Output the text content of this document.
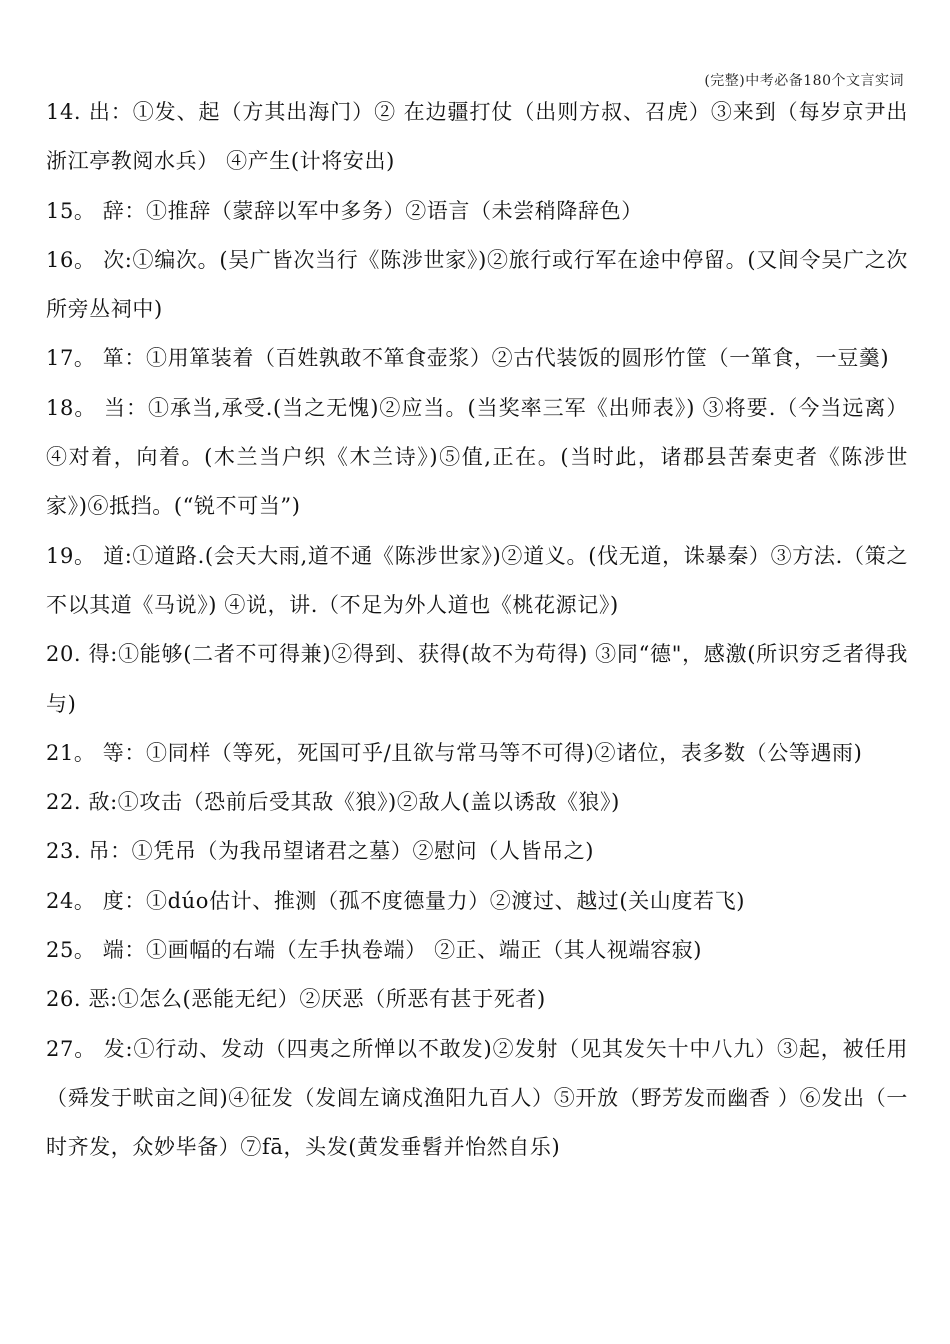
(完整)中考必备180个文言实词

14. 出：①发、起（方其出海门）② 在边疆打仗（出则方叔、召虎）③来到（每岁京尹出浙江亭教阅水兵） ④产生(计将安出)

15。 辞：①推辞（蒙辞以军中多务）②语言（未尝稍降辞色）

16。 次:①编次。(吴广皆次当行《陈涉世家》)②旅行或行军在途中停留。(又间令吴广之次所旁丛祠中)

17。 箪：①用箪装着（百姓孰敢不箪食壶浆）②古代装饭的圆形竹筐（一箪食，一豆羹)

18。 当：①承当,承受.(当之无愧)②应当。(当奖率三军《出师表》) ③将要.（今当远离）④对着，向着。(木兰当户织《木兰诗》)⑤值,正在。(当时此，诸郡县苦秦吏者《陈涉世家》)⑥抵挡。(“锐不可当”)

19。 道:①道路.(会天大雨,道不通《陈涉世家》)②道义。(伐无道，诛暴秦）③方法.（策之不以其道《马说》) ④说，讲.（不足为外人道也《桃花源记》)

20. 得:①能够(二者不可得兼)②得到、获得(故不为苟得) ③同“德"，感激(所识穷乏者得我与)

21。 等：①同样（等死，死国可乎/且欲与常马等不可得)②诸位，表多数（公等遇雨)

22. 敌:①攻击（恐前后受其敌《狼》)②敌人(盖以诱敌《狼》)

23. 吊：①凭吊（为我吊望诸君之墓）②慰问（人皆吊之)

24。 度：①dúo估计、推测（孤不度德量力）②渡过、越过(关山度若飞)

25。 端：①画幅的右端（左手执卷端） ②正、端正（其人视端容寂)

26. 恶:①怎么(恶能无纪）②厌恶（所恶有甚于死者)

27。 发:①行动、发动（四夷之所惮以不敢发)②发射（见其发矢十中八九）③起，被任用（舜发于畎亩之间)④征发（发闾左谪戍渔阳九百人）⑤开放（野芳发而幽香 ）⑥发出（一时齐发，众妙毕备）⑦fā，头发(黄发垂髫并怡然自乐)
